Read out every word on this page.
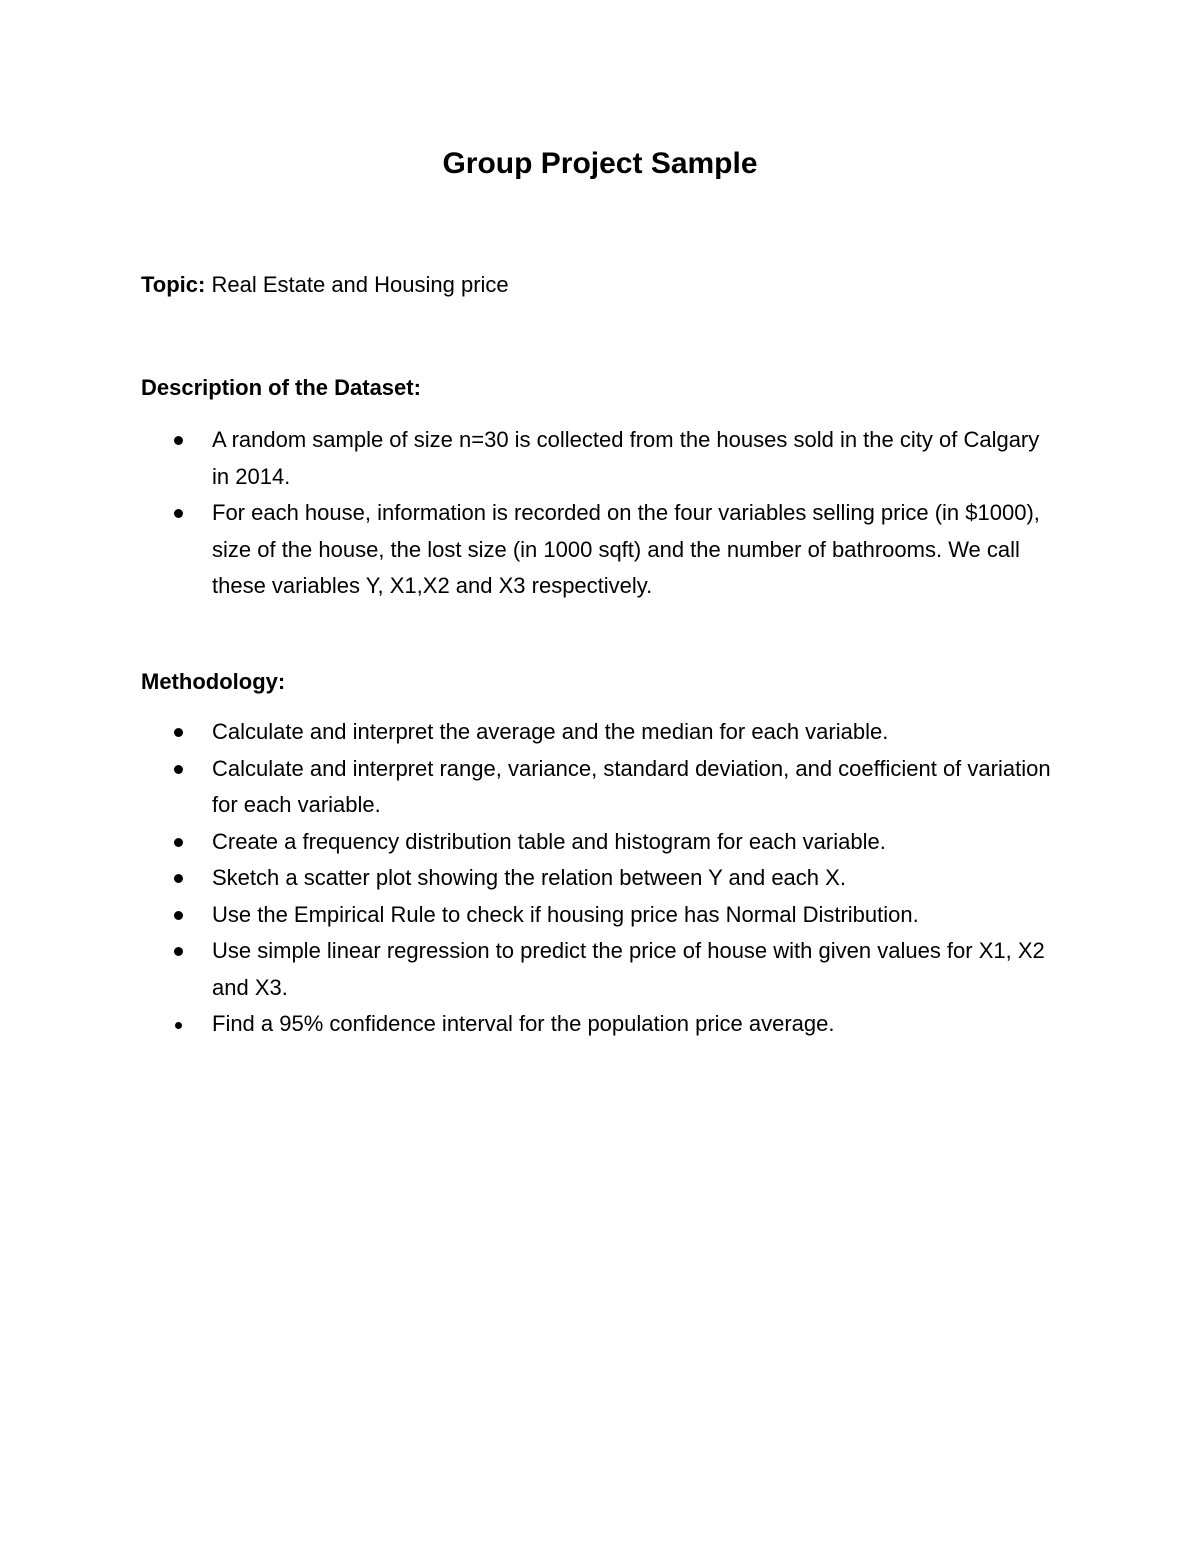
Group Project Sample

Topic: Real Estate and Housing price

Description of the Dataset:
A random sample of size n=30 is collected from the houses sold in the city of Calgary in 2014.
For each house, information is recorded on the four variables selling price (in $1000), size of the house, the lost size (in 1000 sqft) and the number of bathrooms. We call these variables Y, X1,X2 and X3 respectively.
Methodology:
Calculate and interpret the average and the median for each variable.
Calculate and interpret range, variance, standard deviation, and coefficient of variation for each variable.
Create a frequency distribution table and histogram for each variable.
Sketch a scatter plot showing the relation between Y and each X.
Use the Empirical Rule to check if housing price has Normal Distribution.
Use simple linear regression to predict the price of house with given values for X1, X2 and X3.
Find a 95% confidence interval for the population price average.
